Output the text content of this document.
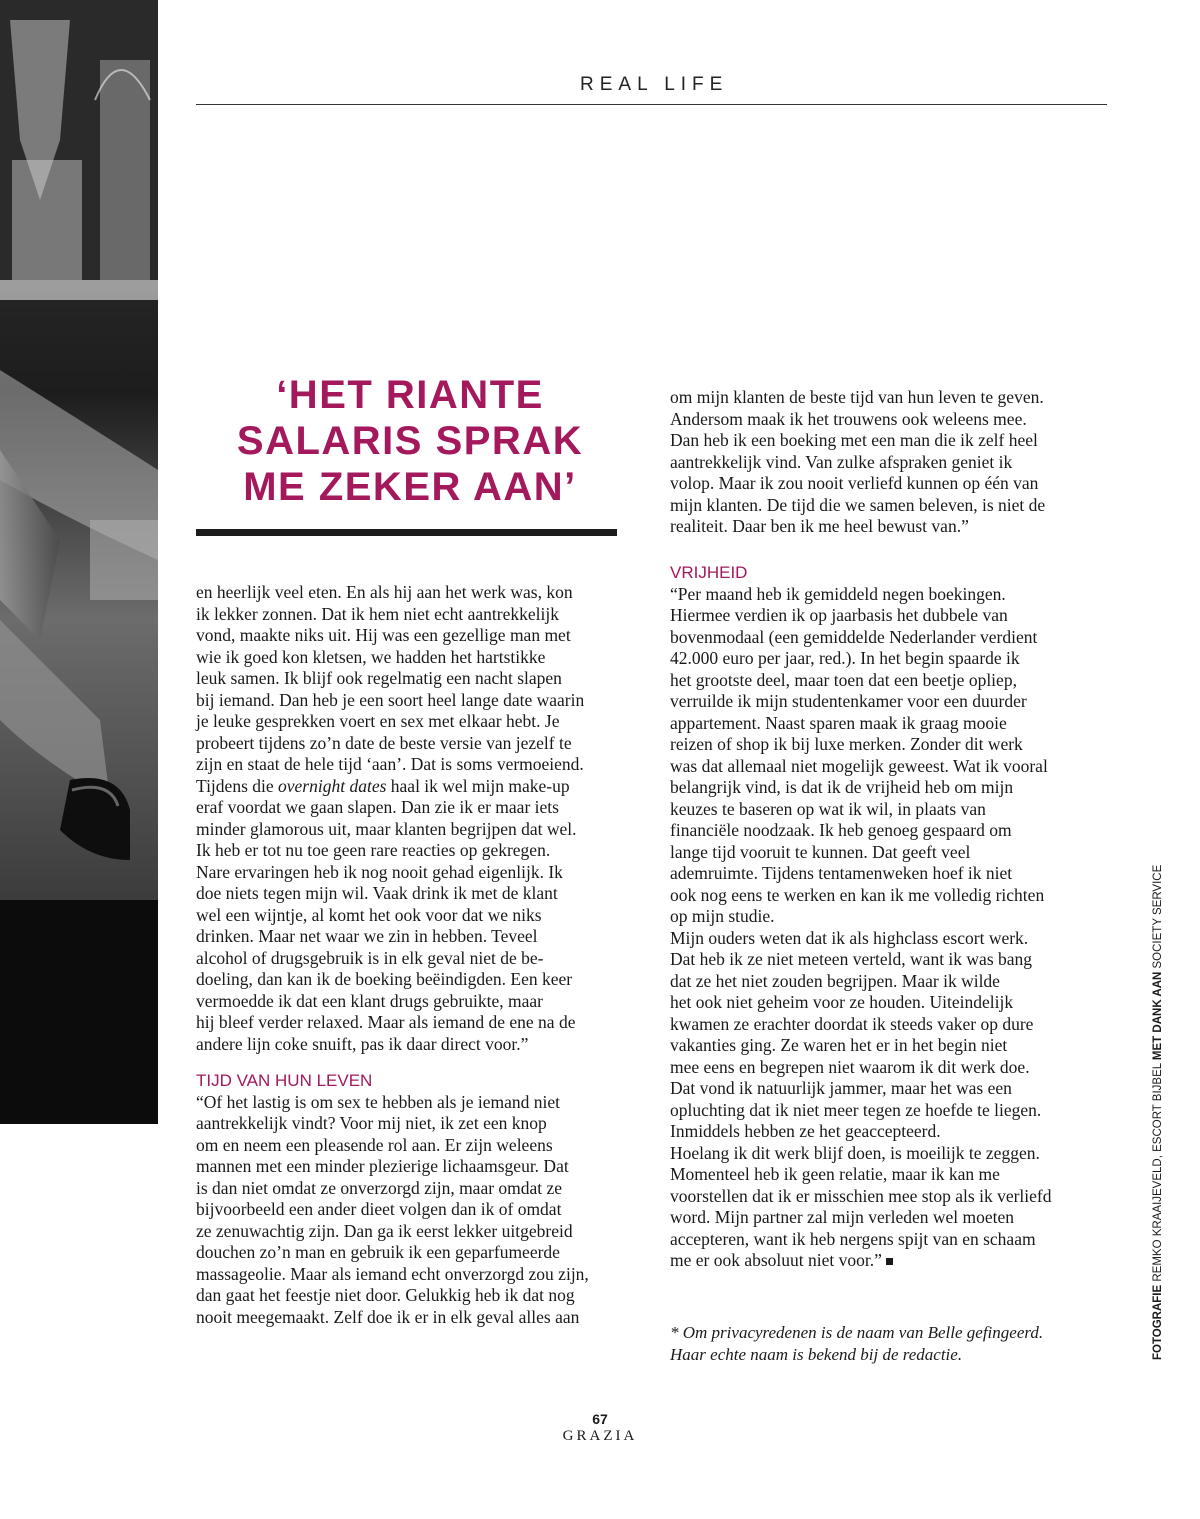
REAL LIFE
‘HET RIANTE
SALARIS SPRAK
ME ZEKER AAN’
en heerlijk veel eten. En als hij aan het werk was, kon
ik lekker zonnen. Dat ik hem niet echt aantrekkelijk
vond, maakte niks uit. Hij was een gezellige man met
wie ik goed kon kletsen, we hadden het hartstikke
leuk samen. Ik blijf ook regelmatig een nacht slapen
bij iemand. Dan heb je een soort heel lange date waarin
je leuke gesprekken voert en sex met elkaar hebt. Je
probeert tijdens zo’n date de beste versie van jezelf te
zijn en staat de hele tijd ‘aan’. Dat is soms vermoeiend.
Tijdens die overnight dates haal ik wel mijn make-up
eraf voordat we gaan slapen. Dan zie ik er maar iets
minder glamorous uit, maar klanten begrijpen dat wel.
Ik heb er tot nu toe geen rare reacties op gekregen.
Nare ervaringen heb ik nog nooit gehad eigenlijk. Ik
doe niets tegen mijn wil. Vaak drink ik met de klant
wel een wijntje, al komt het ook voor dat we niks
drinken. Maar net waar we zin in hebben. Teveel
alcohol of drugsgebruik is in elk geval niet de be-
doeling, dan kan ik de boeking beëindigden. Een keer
vermoedde ik dat een klant drugs gebruikte, maar
hij bleef verder relaxed. Maar als iemand de ene na de
andere lijn coke snuift, pas ik daar direct voor.”
TIJD VAN HUN LEVEN
“Of het lastig is om sex te hebben als je iemand niet
aantrekkelijk vindt? Voor mij niet, ik zet een knop
om en neem een pleasende rol aan. Er zijn weleens
mannen met een minder plezierige lichaamsgeur. Dat
is dan niet omdat ze onverzorgd zijn, maar omdat ze
bijvoorbeeld een ander dieet volgen dan ik of omdat
ze zenuwachtig zijn. Dan ga ik eerst lekker uitgebreid
douchen zo’n man en gebruik ik een geparfumeerde
massageolie. Maar als iemand echt onverzorgd zou zijn,
dan gaat het feestje niet door. Gelukkig heb ik dat nog
nooit meegemaakt. Zelf doe ik er in elk geval alles aan
om mijn klanten de beste tijd van hun leven te geven.
Andersom maak ik het trouwens ook weleens mee.
Dan heb ik een boeking met een man die ik zelf heel
aantrekkelijk vind. Van zulke afspraken geniet ik
volop. Maar ik zou nooit verliefd kunnen op één van
mijn klanten. De tijd die we samen beleven, is niet de
realiteit. Daar ben ik me heel bewust van.”
VRIJHEID
“Per maand heb ik gemiddeld negen boekingen.
Hiermee verdien ik op jaarbasis het dubbele van
bovenmodaal (een gemiddelde Nederlander verdient
42.000 euro per jaar, red.). In het begin spaarde ik
het grootste deel, maar toen dat een beetje opliep,
verruilde ik mijn studentenkamer voor een duurder
appartement. Naast sparen maak ik graag mooie
reizen of shop ik bij luxe merken. Zonder dit werk
was dat allemaal niet mogelijk geweest. Wat ik vooral
belangrijk vind, is dat ik de vrijheid heb om mijn
keuzes te baseren op wat ik wil, in plaats van
financiële noodzaak. Ik heb genoeg gespaard om
lange tijd vooruit te kunnen. Dat geeft veel
ademruimte. Tijdens tentamenweken hoef ik niet
ook nog eens te werken en kan ik me volledig richten
op mijn studie.
Mijn ouders weten dat ik als highclass escort werk.
Dat heb ik ze niet meteen verteld, want ik was bang
dat ze het niet zouden begrijpen. Maar ik wilde
het ook niet geheim voor ze houden. Uiteindelijk
kwamen ze erachter doordat ik steeds vaker op dure
vakanties ging. Ze waren het er in het begin niet
mee eens en begrepen niet waarom ik dit werk doe.
Dat vond ik natuurlijk jammer, maar het was een
opluchting dat ik niet meer tegen ze hoefde te liegen.
Inmiddels hebben ze het geaccepteerd.
Hoelang ik dit werk blijf doen, is moeilijk te zeggen.
Momenteel heb ik geen relatie, maar ik kan me
voorstellen dat ik er misschien mee stop als ik verliefd
word. Mijn partner zal mijn verleden wel moeten
accepteren, want ik heb nergens spijt van en schaam
me er ook absoluut niet voor.”
* Om privacyredenen is de naam van Belle gefingeerd.
Haar echte naam is bekend bij de redactie.	FOTOGRAFIE REMKO KRAAIJEVELD, ESCORT BIJBEL MET DANK AAN SOCIETY SERVICE
67
GRAZIA
